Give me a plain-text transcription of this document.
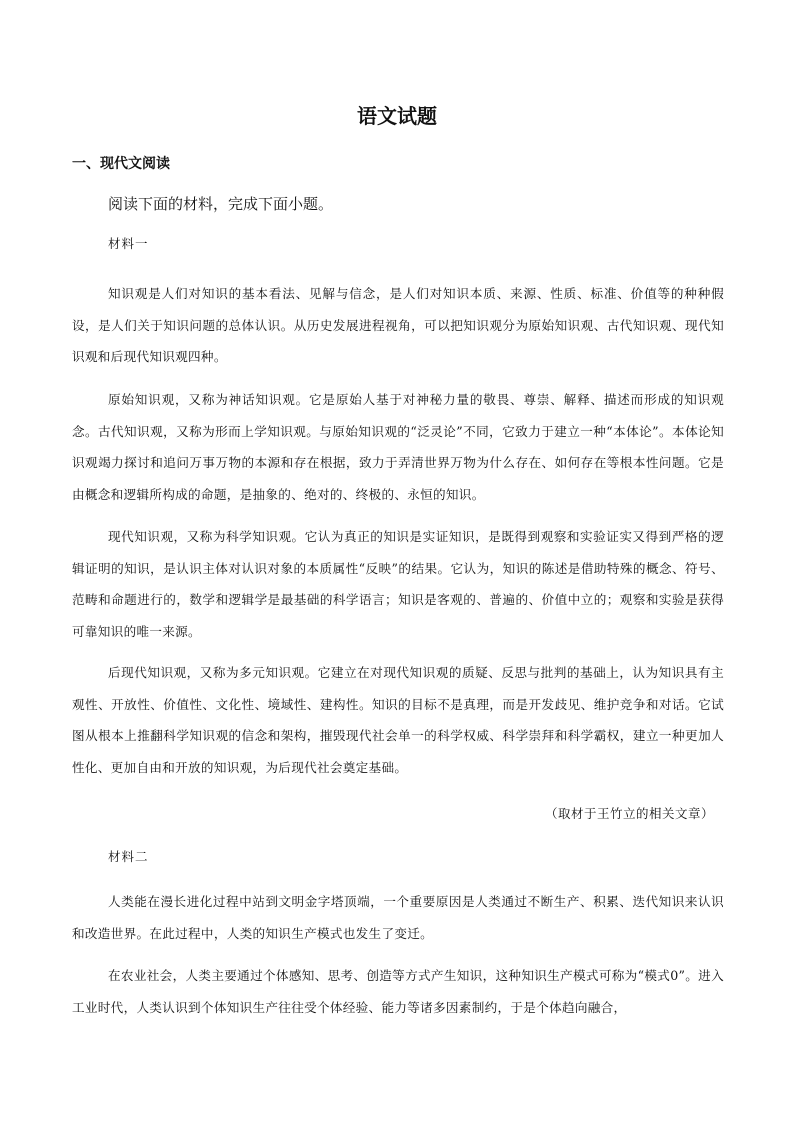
语文试题
一、现代文阅读

阅读下面的材料，完成下面小题。

材料一

知识观是人们对知识的基本看法、见解与信念，是人们对知识本质、来源、性质、标准、价值等的种种假设，是人们关于知识问题的总体认识。从历史发展进程视角，可以把知识观分为原始知识观、古代知识观、现代知识观和后现代知识观四种。

原始知识观，又称为神话知识观。它是原始人基于对神秘力量的敬畏、尊崇、解释、描述而形成的知识观念。古代知识观，又称为形而上学知识观。与原始知识观的“泛灵论”不同，它致力于建立一种“本体论”。本体论知识观竭力探讨和追问万事万物的本源和存在根据，致力于弄清世界万物为什么存在、如何存在等根本性问题。它是由概念和逻辑所构成的命题，是抽象的、绝对的、终极的、永恒的知识。

现代知识观，又称为科学知识观。它认为真正的知识是实证知识，是既得到观察和实验证实又得到严格的逻辑证明的知识，是认识主体对认识对象的本质属性“反映”的结果。它认为，知识的陈述是借助特殊的概念、符号、范畴和命题进行的，数学和逻辑学是最基础的科学语言；知识是客观的、普遍的、价值中立的；观察和实验是获得可靠知识的唯一来源。

后现代知识观，又称为多元知识观。它建立在对现代知识观的质疑、反思与批判的基础上，认为知识具有主观性、开放性、价值性、文化性、境域性、建构性。知识的目标不是真理，而是开发歧见、维护竞争和对话。它试图从根本上推翻科学知识观的信念和架构，摧毁现代社会单一的科学权威、科学崇拜和科学霸权，建立一种更加人性化、更加自由和开放的知识观，为后现代社会奠定基础。

（取材于王竹立的相关文章）

材料二

人类能在漫长进化过程中站到文明金字塔顶端，一个重要原因是人类通过不断生产、积累、迭代知识来认识和改造世界。在此过程中，人类的知识生产模式也发生了变迁。

在农业社会，人类主要通过个体感知、思考、创造等方式产生知识，这种知识生产模式可称为“模式0”。进入工业时代，人类认识到个体知识生产往往受个体经验、能力等诸多因素制约，于是个体趋向融合，
